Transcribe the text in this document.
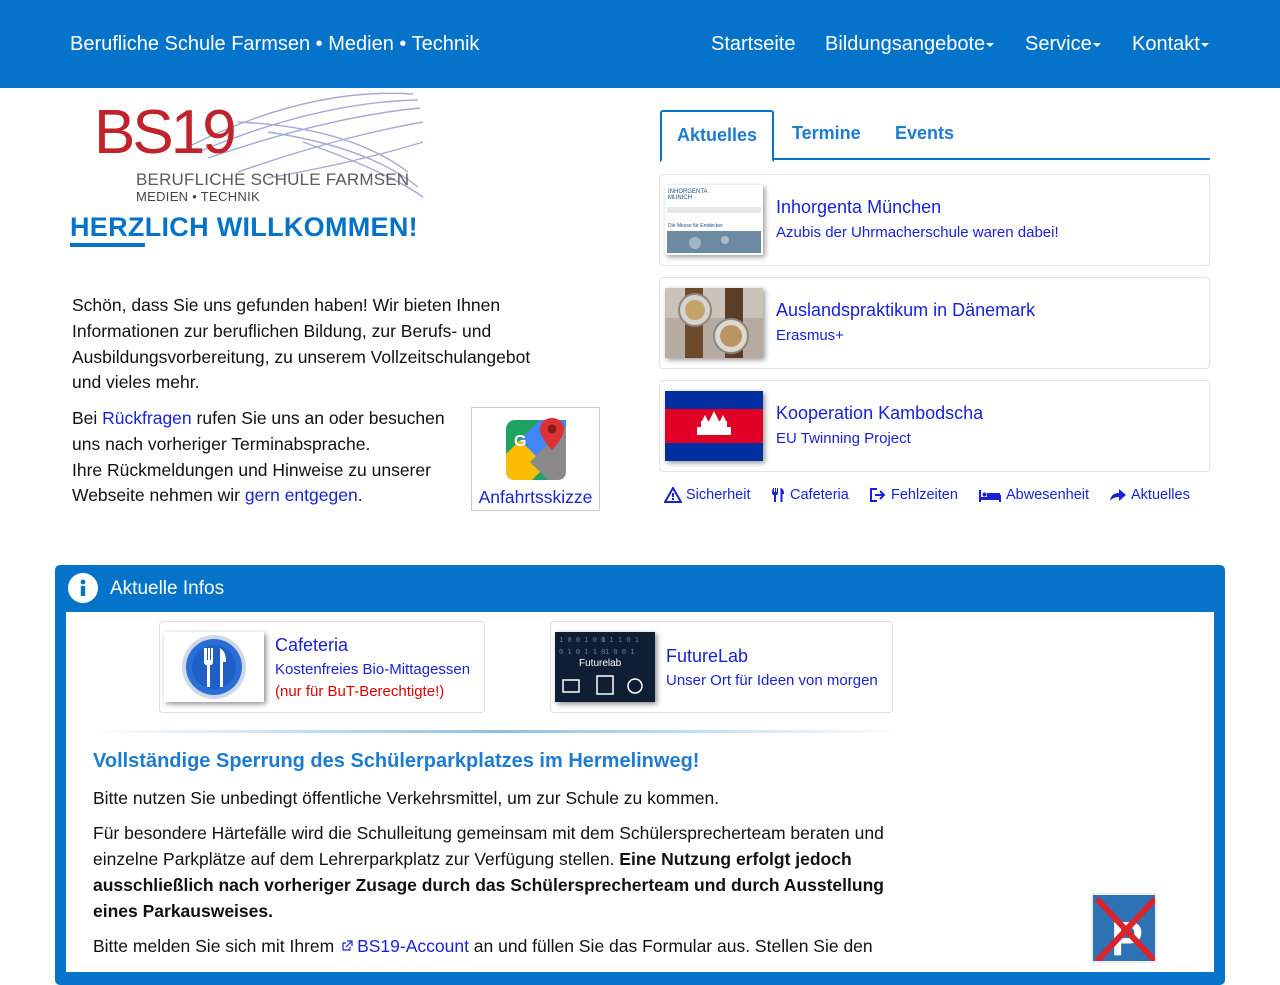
Berufliche Schule Farmsen • Medien • Technik	Startseite Bildungsangebote	Service	Kontakt
BS19
BERUFLICHE SCHULE FARMSEN
MEDIEN • TECHNIK
HERZLICH WILLKOMMEN!

Schön, dass Sie uns gefunden haben! Wir bieten Ihnen Informationen zur beruflichen Bildung, zur Berufs- und Ausbildungsvorbereitung, zu unserem Vollzeitschulangebot und vieles mehr.

Bei Rückfragen rufen Sie uns an oder besuchen uns nach vorheriger Terminabsprache.
Ihre Rückmeldungen und Hinweise zu unserer Webseite nehmen wir gern entgegen.

G
Anfahrtsskizze
Aktuelles	Termine Events
INHORGENTA
MUNICH
Die Messe für Entdecker
Inhorgenta München
Azubis der Uhrmacherschule waren dabei!
Auslandspraktikum in Dänemark
Erasmus+
Kooperation Kambodscha
EU Twinning Project
Sicherheit	Cafeteria	Fehlzeiten	Abwesenheit	Aktuelles
Aktuelle Infos
Cafeteria
Kostenfreies Bio-Mittagessen
(nur für BuT-Berechtigte!)
1 0 0 1 0 1
0 1 1 0 1
0 1 0 1 1 0 1 0 0 1
Futurelab FutureLab
Unser Ort für Ideen von morgen
Vollständige Sperrung des Schülerparkplatzes im Hermelinweg!

Bitte nutzen Sie unbedingt öffentliche Verkehrsmittel, um zur Schule zu kommen.

Für besondere Härtefälle wird die Schulleitung gemeinsam mit dem Schülersprecherteam beraten und einzelne Parkplätze auf dem Lehrerparkplatz zur Verfügung stellen. Eine Nutzung erfolgt jedoch ausschließlich nach vorheriger Zusage durch das Schülersprecherteam und durch Ausstellung eines Parkausweises.

Bitte melden Sie sich mit Ihrem BS19-Account an und füllen Sie das Formular aus. Stellen Sie den	P
